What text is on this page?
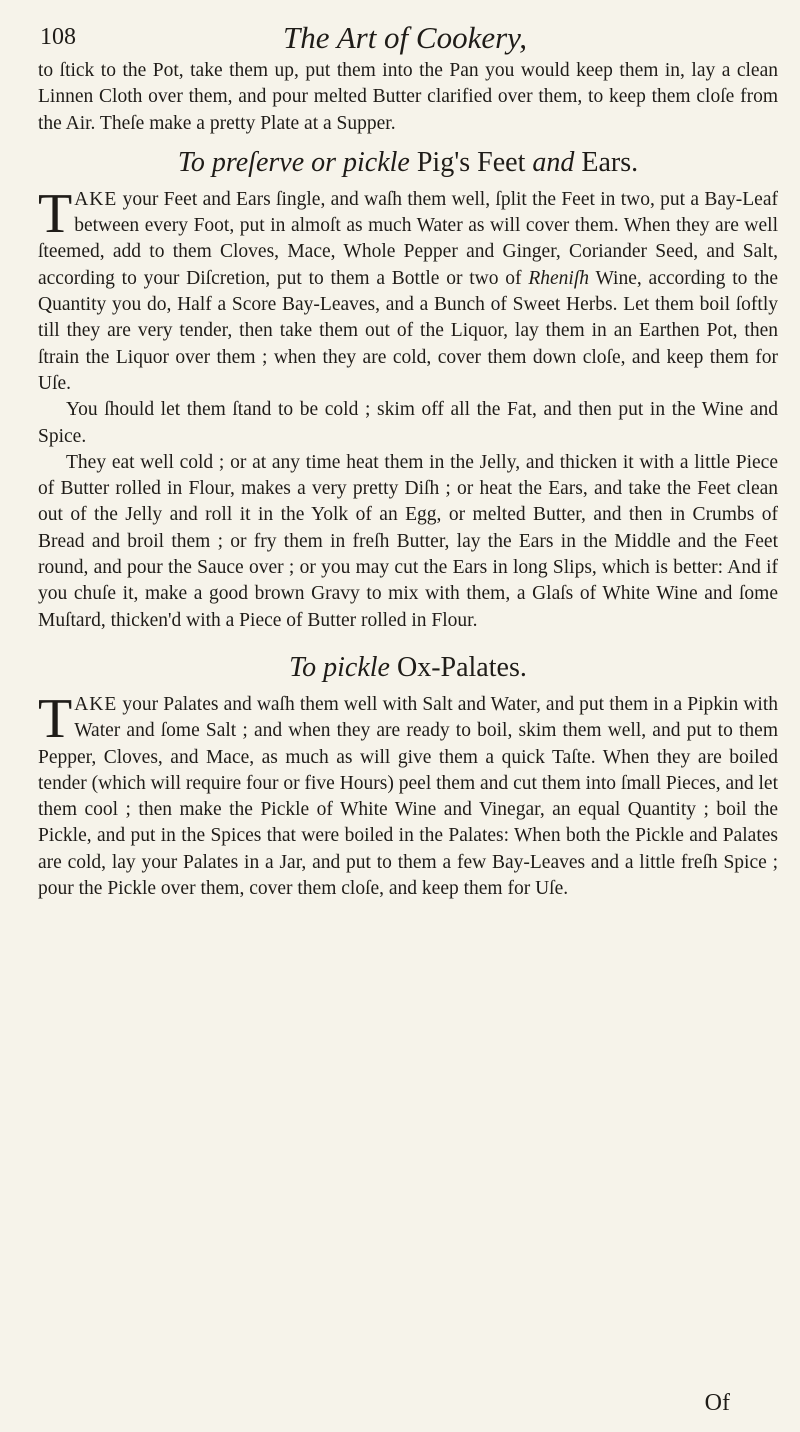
108	The Art of Cookery,

to ſtick to the Pot, take them up, put them into the Pan you would keep them in, lay a clean Linnen Cloth over them, and pour melted Butter clarified over them, to keep them cloſe from the Air. Theſe make a pretty Plate at a Supper.

To preſerve or pickle Pig's Feet and Ears.

TAKE your Feet and Ears ſingle, and waſh them well, ſplit the Feet in two, put a Bay-Leaf between every Foot, put in almoſt as much Water as will cover them. When they are well ſteemed, add to them Cloves, Mace, Whole Pepper and Ginger, Coriander Seed, and Salt, according to your Diſcretion, put to them a Bottle or two of Rheniſh Wine, according to the Quantity you do, Half a Score Bay-Leaves, and a Bunch of Sweet Herbs. Let them boil ſoftly till they are very tender, then take them out of the Liquor, lay them in an Earthen Pot, then ſtrain the Liquor over them ; when they are cold, cover them down cloſe, and keep them for Uſe.

You ſhould let them ſtand to be cold ; skim off all the Fat, and then put in the Wine and Spice.

They eat well cold ; or at any time heat them in the Jelly, and thicken it with a little Piece of Butter rolled in Flour, makes a very pretty Diſh ; or heat the Ears, and take the Feet clean out of the Jelly and roll it in the Yolk of an Egg, or melted Butter, and then in Crumbs of Bread and broil them ; or fry them in freſh Butter, lay the Ears in the Middle and the Feet round, and pour the Sauce over ; or you may cut the Ears in long Slips, which is better: And if you chuſe it, make a good brown Gravy to mix with them, a Glaſs of White Wine and ſome Muſtard, thicken'd with a Piece of Butter rolled in Flour.

To pickle Ox-Palates.

TAKE your Palates and waſh them well with Salt and Water, and put them in a Pipkin with Water and ſome Salt ; and when they are ready to boil, skim them well, and put to them Pepper, Cloves, and Mace, as much as will give them a quick Taſte. When they are boiled tender (which will require four or five Hours) peel them and cut them into ſmall Pieces, and let them cool ; then make the Pickle of White Wine and Vinegar, an equal Quantity ; boil the Pickle, and put in the Spices that were boiled in the Palates: When both the Pickle and Palates are cold, lay your Palates in a Jar, and put to them a few Bay-Leaves and a little freſh Spice ; pour the Pickle over them, cover them cloſe, and keep them for Uſe.

Of
